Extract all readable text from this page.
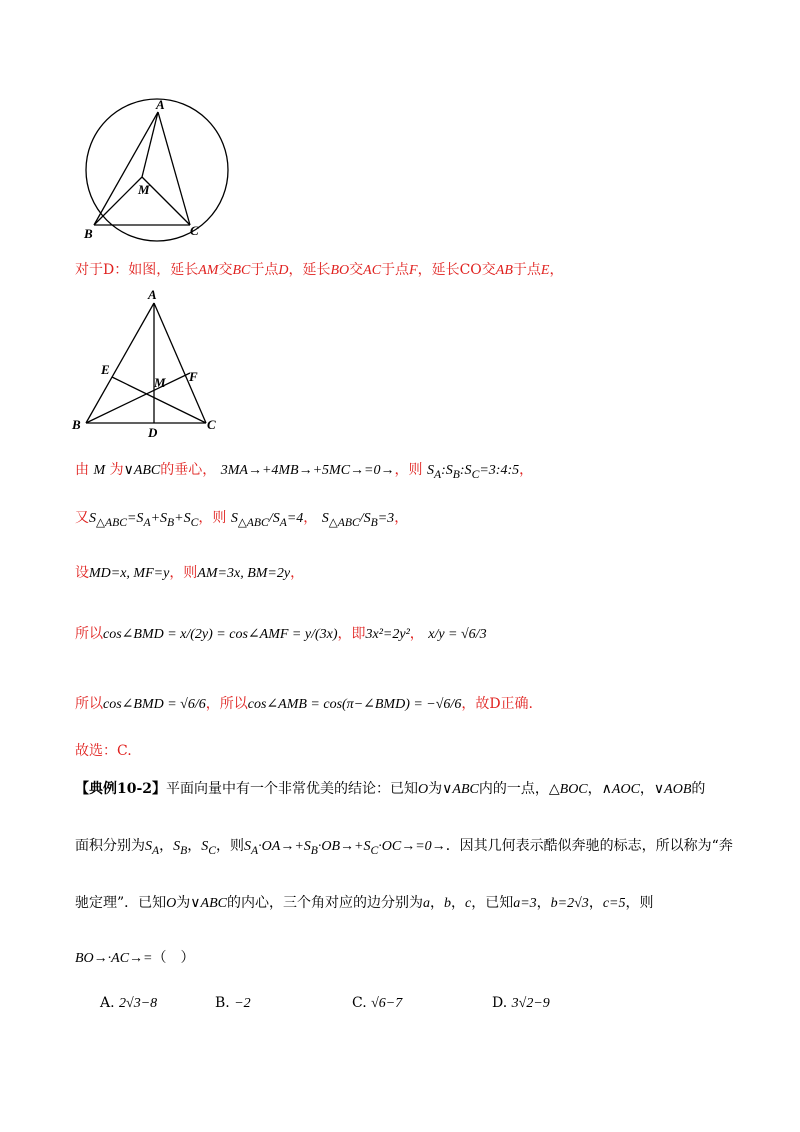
A
M
B	C
对于D：如图，延长AM交BC于点D，延长BO交AC于点F，延长CO交AB于点E，
A
E
M F
B
D
C
由 M 为∨ABC的垂心， 3MA→+4MB→+5MC→=0→，则 $S_A:S_B:S_C=3:4:5$，
又$S_{\triangle ABC}=S_A+S_B+S_C$，则 $S_{\triangle ABC}/S_A=4$， $S_{\triangle ABC}/S_B=3$，
设MD=x, MF=y，则AM=3x, BM=2y，
所以cos∠BMD = x/(2y) = cos∠AMF = y/(3x)，即3x²=2y²， x/y = √6/3
所以cos∠BMD = √6/6，所以cos∠AMB = cos(π−∠BMD) = −√6/6，故D正确.
故选：C.
【典例10-2】平面向量中有一个非常优美的结论：已知O为∨ABC内的一点，△BOC，∧AOC，∨AOB的
面积分别为$S_A$，$S_B$，$S_C$，则$S_A\cdot OA\to+S_B\cdot OB\to+S_C\cdot OC\to=0\to$．因其几何表示酷似奔驰的标志，所以称为“奔
驰定理”．已知O为∨ABC的内心，三个角对应的边分别为a，b，c，已知a=3，b=2√3，c=5，则
BO→·AC→=（　）
A. 2√3−8	B. −2	C. √6−7	D. 3√2−9
